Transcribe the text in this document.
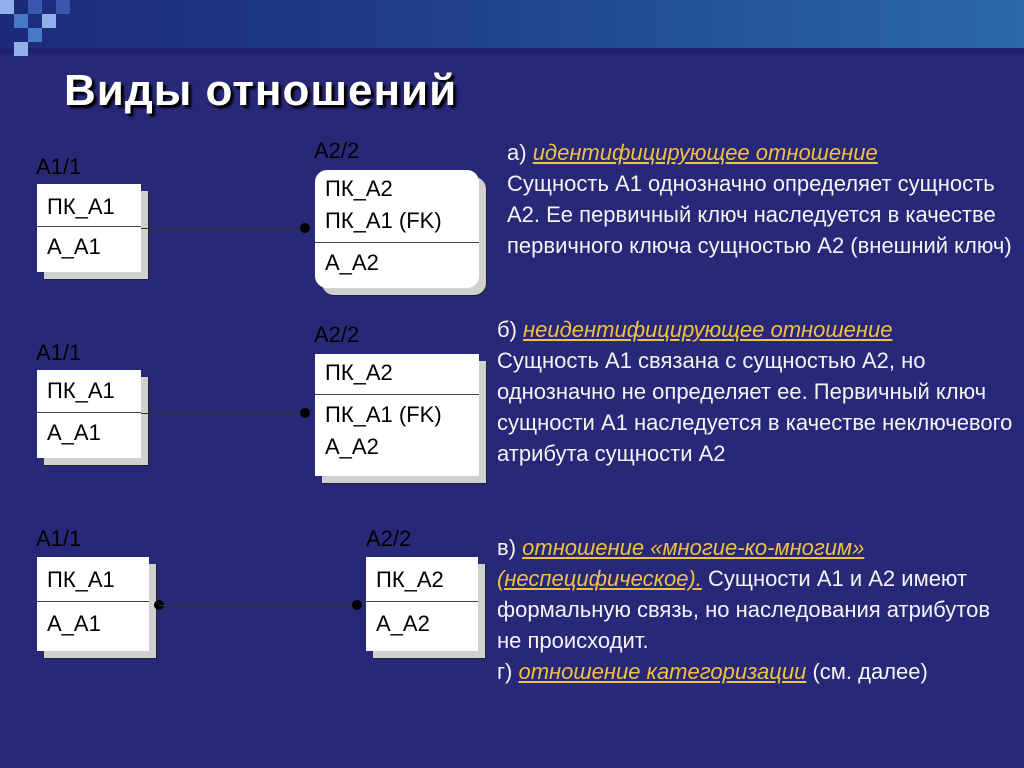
Виды отношений
А1/1
ПК_А1
А_А1
А2/2
ПК_А2
ПК_А1 (FK)
А_А2
А1/1
ПК_А1
А_А1
А2/2
ПК_А2
ПК_А1 (FK)
А_А2
А1/1
ПК_А1
А_А1
А2/2
ПК_А2
А_А2
а) идентифицирующее отношение
Сущность А1 однозначно определяет сущность А2. Ее первичный ключ наследуется в качестве первичного ключа сущностью А2 (внешний ключ)
б) неидентифицирующее отношение
Сущность А1 связана с сущностью А2, но однозначно не определяет ее. Первичный ключ сущности А1 наследуется в качестве неключевого атрибута сущности А2
в) отношение «многие-ко-многим» (неспецифическое). Сущности А1 и А2 имеют формальную связь, но наследования атрибутов не происходит.
г) отношение категоризации (см. далее)
